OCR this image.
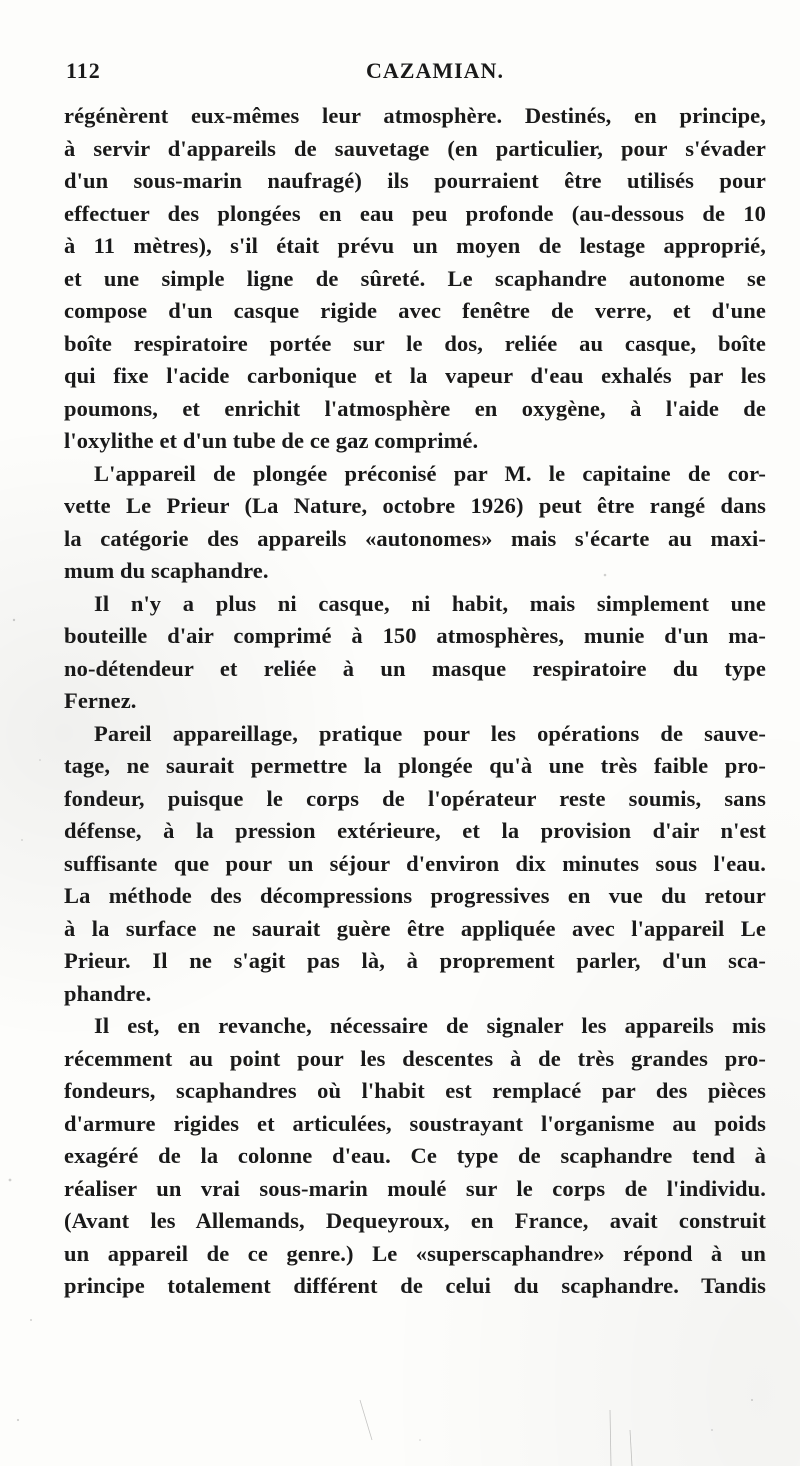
112	CAZAMIAN.
régénèrent eux-mêmes leur atmosphère. Destinés, en principe,
à servir d'appareils de sauvetage (en particulier, pour s'évader
d'un sous-marin naufragé) ils pourraient être utilisés pour
effectuer des plongées en eau peu profonde (au-dessous de 10
à 11 mètres), s'il était prévu un moyen de lestage approprié,
et une simple ligne de sûreté. Le scaphandre autonome se
compose d'un casque rigide avec fenêtre de verre, et d'une
boîte respiratoire portée sur le dos, reliée au casque, boîte
qui fixe l'acide carbonique et la vapeur d'eau exhalés par les
poumons, et enrichit l'atmosphère en oxygène, à l'aide de
l'oxylithe et d'un tube de ce gaz comprimé.
L'appareil de plongée préconisé par M. le capitaine de cor-
vette Le Prieur (La Nature, octobre 1926) peut être rangé dans
la catégorie des appareils «autonomes» mais s'écarte au maxi-
mum du scaphandre.
Il n'y a plus ni casque, ni habit, mais simplement une
bouteille d'air comprimé à 150 atmosphères, munie d'un ma-
no-détendeur et reliée à un masque respiratoire du type
Fernez.
Pareil appareillage, pratique pour les opérations de sauve-
tage, ne saurait permettre la plongée qu'à une très faible pro-
fondeur, puisque le corps de l'opérateur reste soumis, sans
défense, à la pression extérieure, et la provision d'air n'est
suffisante que pour un séjour d'environ dix minutes sous l'eau.
La méthode des décompressions progressives en vue du retour
à la surface ne saurait guère être appliquée avec l'appareil Le
Prieur. Il ne s'agit pas là, à proprement parler, d'un sca-
phandre.
Il est, en revanche, nécessaire de signaler les appareils mis
récemment au point pour les descentes à de très grandes pro-
fondeurs, scaphandres où l'habit est remplacé par des pièces
d'armure rigides et articulées, soustrayant l'organisme au poids
exagéré de la colonne d'eau. Ce type de scaphandre tend à
réaliser un vrai sous-marin moulé sur le corps de l'individu.
(Avant les Allemands, Dequeyroux, en France, avait construit
un appareil de ce genre.) Le «superscaphandre» répond à un
principe totalement différent de celui du scaphandre. Tandis
